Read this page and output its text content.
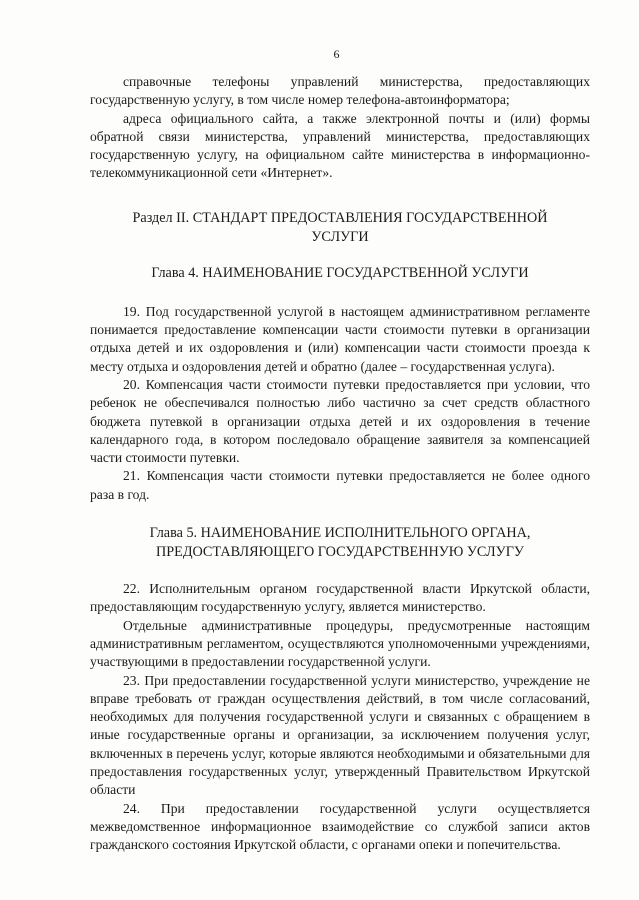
6

справочные телефоны управлений министерства, предоставляющих государственную услугу, в том числе номер телефона-автоинформатора;

адреса официального сайта, а также электронной почты и (или) формы обратной связи министерства, управлений министерства, предоставляющих государственную услугу, на официальном сайте министерства в информационно-телекоммуникационной сети «Интернет».

Раздел II. СТАНДАРТ ПРЕДОСТАВЛЕНИЯ ГОСУДАРСТВЕННОЙ УСЛУГИ

Глава 4. НАИМЕНОВАНИЕ ГОСУДАРСТВЕННОЙ УСЛУГИ

19. Под государственной услугой в настоящем административном регламенте понимается предоставление компенсации части стоимости путевки в организации отдыха детей и их оздоровления и (или) компенсации части стоимости проезда к месту отдыха и оздоровления детей и обратно (далее – государственная услуга).

20. Компенсация части стоимости путевки предоставляется при условии, что ребенок не обеспечивался полностью либо частично за счет средств областного бюджета путевкой в организации отдыха детей и их оздоровления в течение календарного года, в котором последовало обращение заявителя за компенсацией части стоимости путевки.

21. Компенсация части стоимости путевки предоставляется не более одного раза в год.

Глава 5. НАИМЕНОВАНИЕ ИСПОЛНИТЕЛЬНОГО ОРГАНА, ПРЕДОСТАВЛЯЮЩЕГО ГОСУДАРСТВЕННУЮ УСЛУГУ

22. Исполнительным органом государственной власти Иркутской области, предоставляющим государственную услугу, является министерство.

Отдельные административные процедуры, предусмотренные настоящим административным регламентом, осуществляются уполномоченными учреждениями, участвующими в предоставлении государственной услуги.

23. При предоставлении государственной услуги министерство, учреждение не вправе требовать от граждан осуществления действий, в том числе согласований, необходимых для получения государственной услуги и связанных с обращением в иные государственные органы и организации, за исключением получения услуг, включенных в перечень услуг, которые являются необходимыми и обязательными для предоставления государственных услуг, утвержденный Правительством Иркутской области

24. При предоставлении государственной услуги осуществляется межведомственное информационное взаимодействие со службой записи актов гражданского состояния Иркутской области, с органами опеки и попечительства.
